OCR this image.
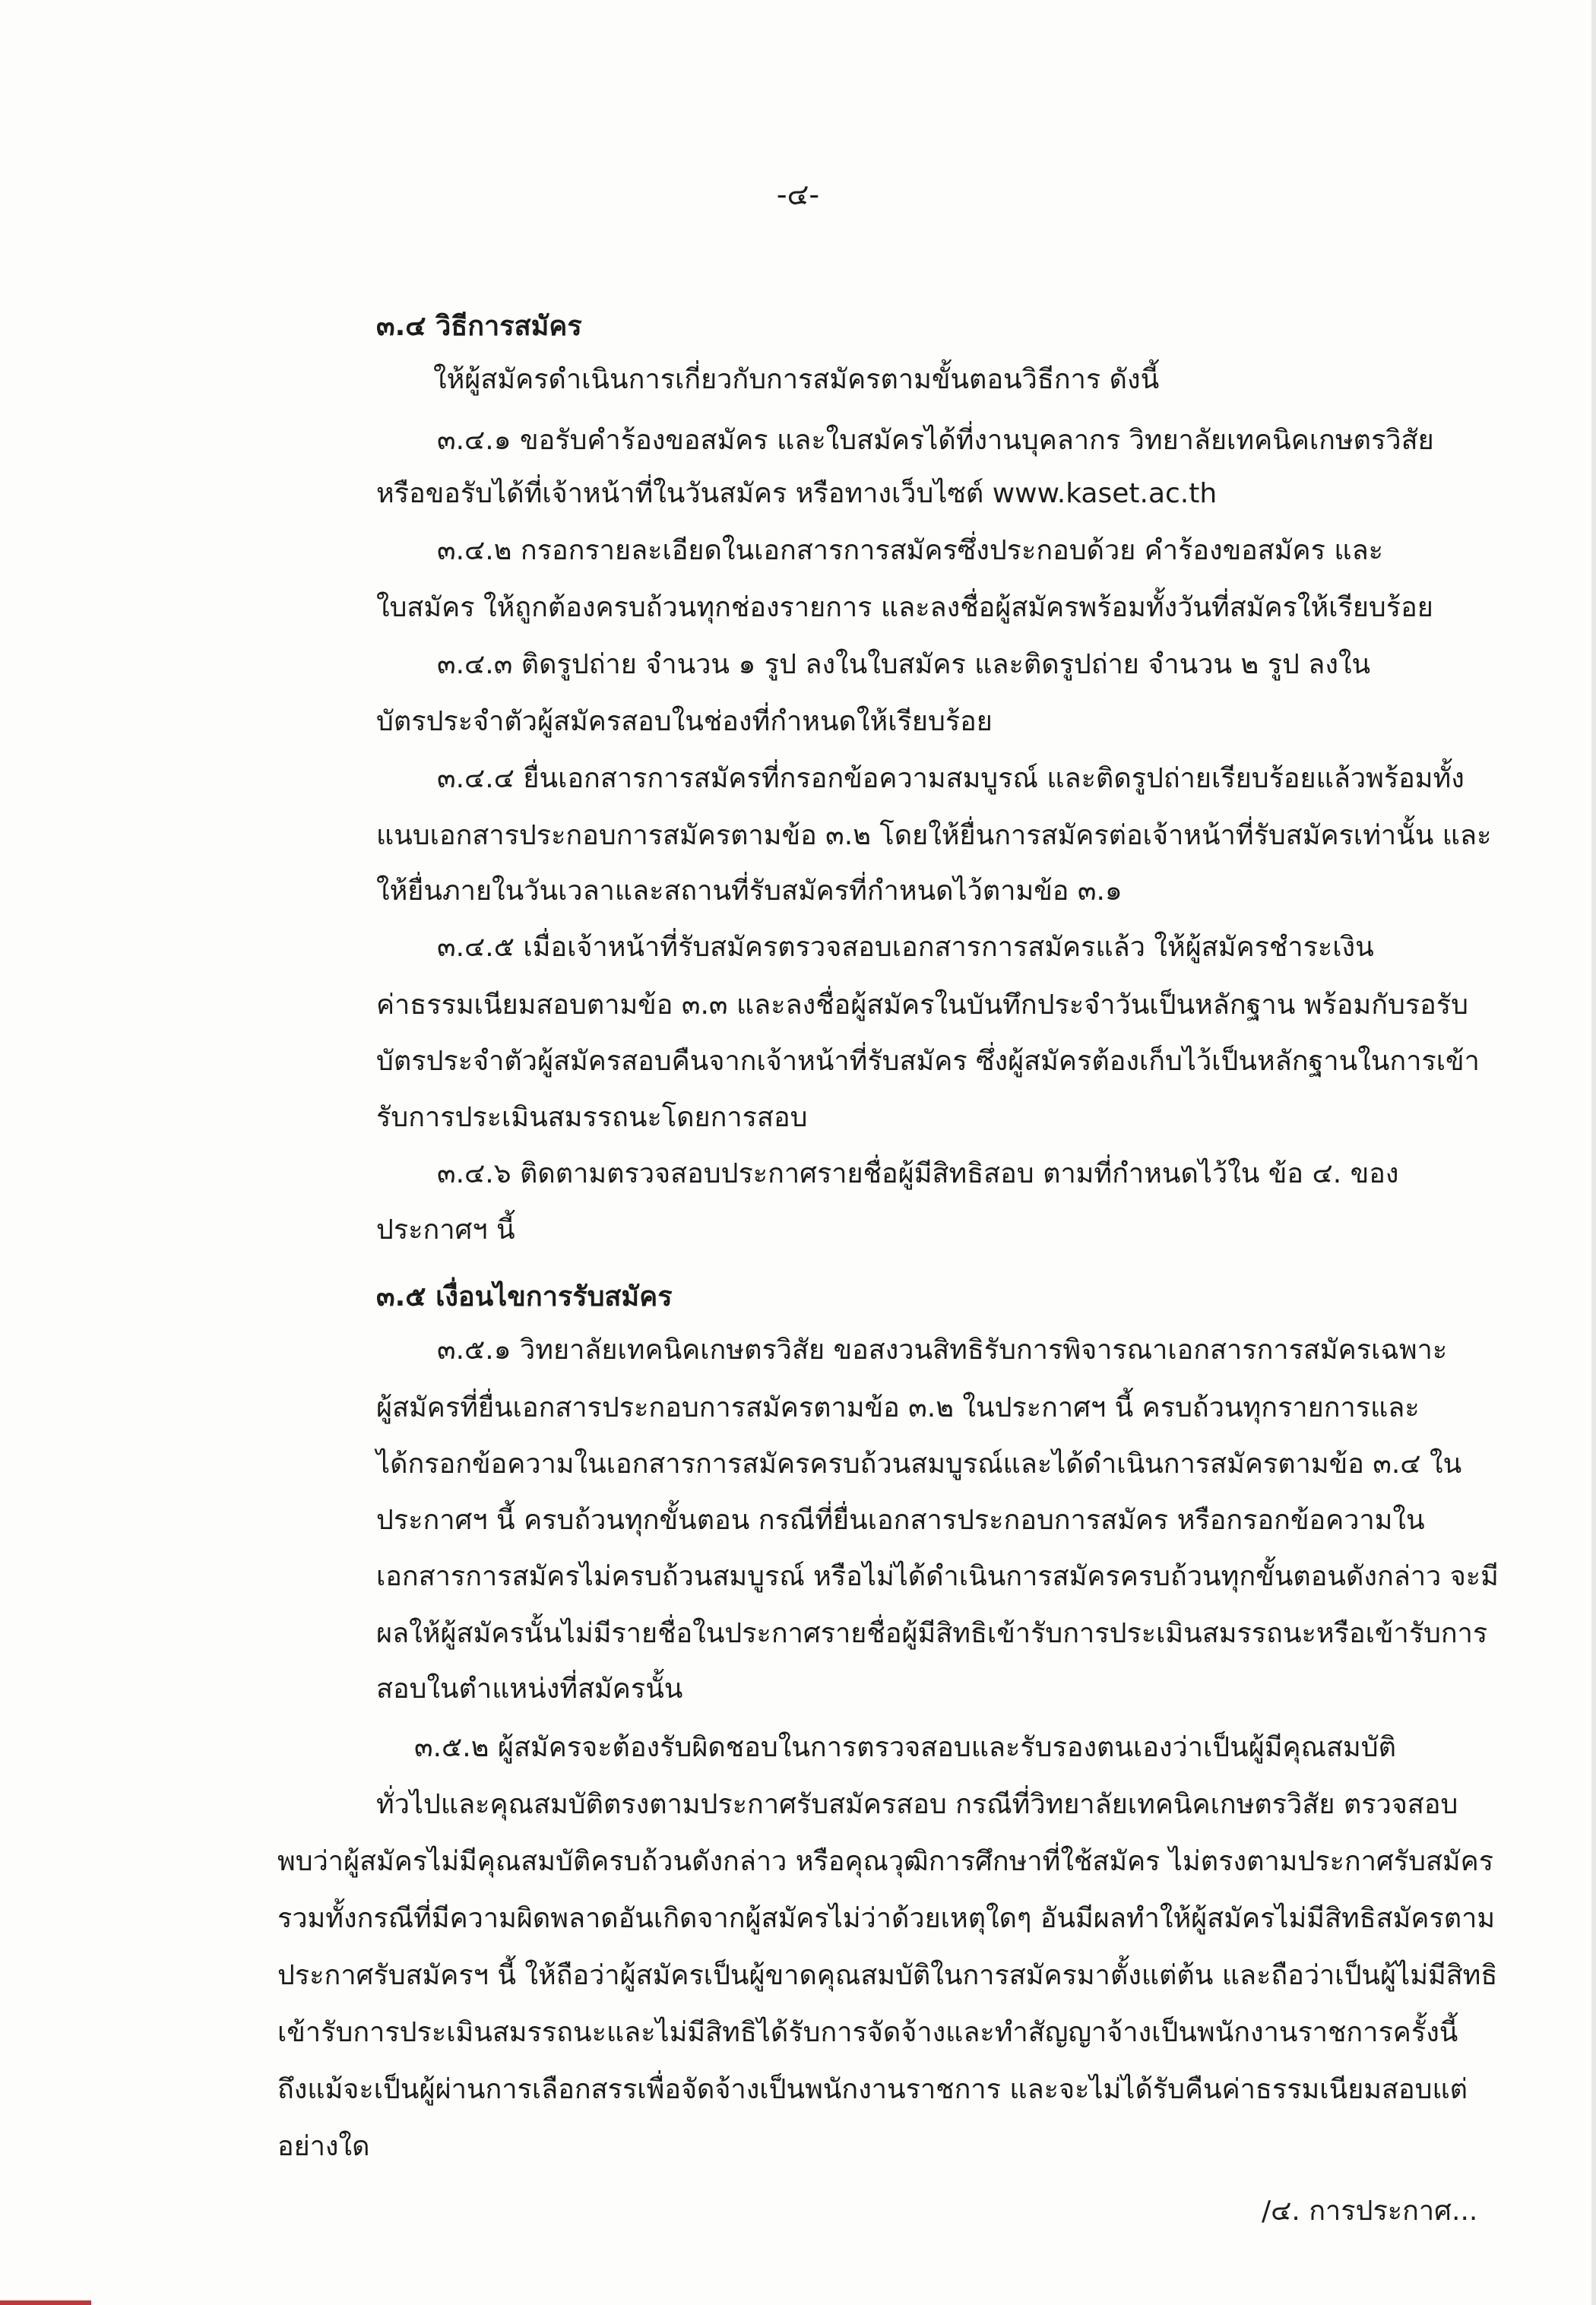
-๔-
๓.๔ วิธีการสมัคร
ให้ผู้สมัครดำเนินการเกี่ยวกับการสมัครตามขั้นตอนวิธีการ ดังนี้
๓.๔.๑ ขอรับคำร้องขอสมัคร และใบสมัครได้ที่งานบุคลากร วิทยาลัยเทคนิคเกษตรวิสัย
หรือขอรับได้ที่เจ้าหน้าที่ในวันสมัคร หรือทางเว็บไซต์ www.kaset.ac.th
๓.๔.๒ กรอกรายละเอียดในเอกสารการสมัครซึ่งประกอบด้วย คำร้องขอสมัคร และ
ใบสมัคร ให้ถูกต้องครบถ้วนทุกช่องรายการ และลงชื่อผู้สมัครพร้อมทั้งวันที่สมัครให้เรียบร้อย
๓.๔.๓ ติดรูปถ่าย จำนวน ๑ รูป ลงในใบสมัคร และติดรูปถ่าย จำนวน ๒ รูป ลงใน
บัตรประจำตัวผู้สมัครสอบในช่องที่กำหนดให้เรียบร้อย
๓.๔.๔ ยื่นเอกสารการสมัครที่กรอกข้อความสมบูรณ์ และติดรูปถ่ายเรียบร้อยแล้วพร้อมทั้ง
แนบเอกสารประกอบการสมัครตามข้อ ๓.๒ โดยให้ยื่นการสมัครต่อเจ้าหน้าที่รับสมัครเท่านั้น และ
ให้ยื่นภายในวันเวลาและสถานที่รับสมัครที่กำหนดไว้ตามข้อ ๓.๑
๓.๔.๕ เมื่อเจ้าหน้าที่รับสมัครตรวจสอบเอกสารการสมัครแล้ว ให้ผู้สมัครชำระเงิน
ค่าธรรมเนียมสอบตามข้อ ๓.๓ และลงชื่อผู้สมัครในบันทึกประจำวันเป็นหลักฐาน พร้อมกับรอรับ
บัตรประจำตัวผู้สมัครสอบคืนจากเจ้าหน้าที่รับสมัคร ซึ่งผู้สมัครต้องเก็บไว้เป็นหลักฐานในการเข้า
รับการประเมินสมรรถนะโดยการสอบ
๓.๔.๖ ติดตามตรวจสอบประกาศรายชื่อผู้มีสิทธิสอบ ตามที่กำหนดไว้ใน ข้อ ๔. ของ
ประกาศฯ นี้
๓.๕ เงื่อนไขการรับสมัคร
๓.๕.๑ วิทยาลัยเทคนิคเกษตรวิสัย ขอสงวนสิทธิรับการพิจารณาเอกสารการสมัครเฉพาะ
ผู้สมัครที่ยื่นเอกสารประกอบการสมัครตามข้อ ๓.๒ ในประกาศฯ นี้ ครบถ้วนทุกรายการและ
ได้กรอกข้อความในเอกสารการสมัครครบถ้วนสมบูรณ์และได้ดำเนินการสมัครตามข้อ ๓.๔ ใน
ประกาศฯ นี้ ครบถ้วนทุกขั้นตอน กรณีที่ยื่นเอกสารประกอบการสมัคร หรือกรอกข้อความใน
เอกสารการสมัครไม่ครบถ้วนสมบูรณ์ หรือไม่ได้ดำเนินการสมัครครบถ้วนทุกขั้นตอนดังกล่าว จะมี
ผลให้ผู้สมัครนั้นไม่มีรายชื่อในประกาศรายชื่อผู้มีสิทธิเข้ารับการประเมินสมรรถนะหรือเข้ารับการ
สอบในตำแหน่งที่สมัครนั้น
๓.๕.๒ ผู้สมัครจะต้องรับผิดชอบในการตรวจสอบและรับรองตนเองว่าเป็นผู้มีคุณสมบัติ
ทั่วไปและคุณสมบัติตรงตามประกาศรับสมัครสอบ กรณีที่วิทยาลัยเทคนิคเกษตรวิสัย ตรวจสอบ
พบว่าผู้สมัครไม่มีคุณสมบัติครบถ้วนดังกล่าว หรือคุณวุฒิการศึกษาที่ใช้สมัคร ไม่ตรงตามประกาศรับสมัคร
รวมทั้งกรณีที่มีความผิดพลาดอันเกิดจากผู้สมัครไม่ว่าด้วยเหตุใดๆ อันมีผลทำให้ผู้สมัครไม่มีสิทธิสมัครตาม
ประกาศรับสมัครฯ นี้ ให้ถือว่าผู้สมัครเป็นผู้ขาดคุณสมบัติในการสมัครมาตั้งแต่ต้น และถือว่าเป็นผู้ไม่มีสิทธิ
เข้ารับการประเมินสมรรถนะและไม่มีสิทธิได้รับการจัดจ้างและทำสัญญาจ้างเป็นพนักงานราชการครั้งนี้
ถึงแม้จะเป็นผู้ผ่านการเลือกสรรเพื่อจัดจ้างเป็นพนักงานราชการ และจะไม่ได้รับคืนค่าธรรมเนียมสอบแต่
อย่างใด
/๔. การประกาศ...
